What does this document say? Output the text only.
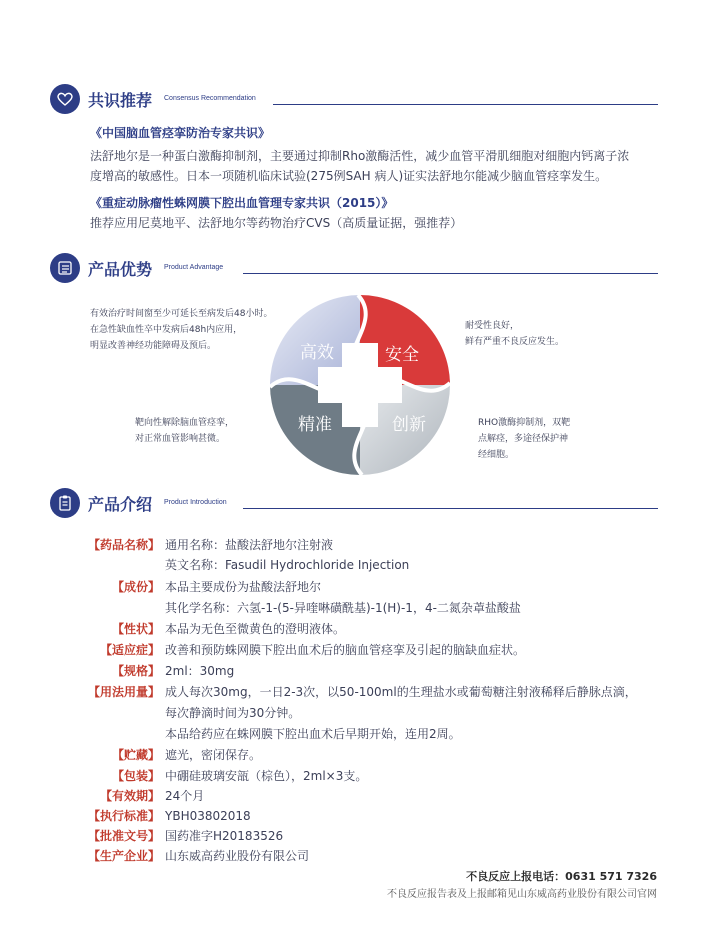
共识推荐 Consensus Recommendation
《中国脑血管痉挛防治专家共识》
法舒地尔是一种蛋白激酶抑制剂，主要通过抑制Rho激酶活性，减少血管平滑肌细胞对细胞内钙离子浓
度增高的敏感性。日本一项随机临床试验(275例SAH 病人)证实法舒地尔能减少脑血管痉挛发生。
《重症动脉瘤性蛛网膜下腔出血管理专家共识（2015）》
推荐应用尼莫地平、法舒地尔等药物治疗CVS（高质量证据，强推荐）
产品优势 Product Advantage
高效	安全
精准	创新
有效治疗时间窗至少可延长至病发后48小时。
在急性缺血性卒中发病后48h内应用，
明显改善神经功能障碍及预后。
耐受性良好，
鲜有严重不良反应发生。
靶向性解除脑血管痉挛，
对正常血管影响甚微。
RHO激酶抑制剂，双靶
点解痉，多途径保护神
经细胞。
产品介绍 Product Introduction
【药品名称】 通用名称：盐酸法舒地尔注射液
英文名称：Fasudil Hydrochloride Injection
【成份】 本品主要成份为盐酸法舒地尔
其化学名称：六氢-1-(5-异喹啉磺酰基)-1(H)-1，4-二氮杂䓬盐酸盐
【性状】 本品为无色至微黄色的澄明液体。
【适应症】 改善和预防蛛网膜下腔出血术后的脑血管痉挛及引起的脑缺血症状。
【规格】 2ml：30mg
【用法用量】 成人每次30mg，一日2-3次，以50-100ml的生理盐水或葡萄糖注射液稀释后静脉点滴，
每次静滴时间为30分钟。
本品给药应在蛛网膜下腔出血术后早期开始，连用2周。
【贮藏】 遮光，密闭保存。
【包装】 中硼硅玻璃安瓿（棕色），2ml×3支。
【有效期】 24个月
【执行标准】 YBH03802018
【批准文号】 国药准字H20183526
【生产企业】 山东威高药业股份有限公司
不良反应上报电话：0631 571 7326
不良反应报告表及上报邮箱见山东威高药业股份有限公司官网
